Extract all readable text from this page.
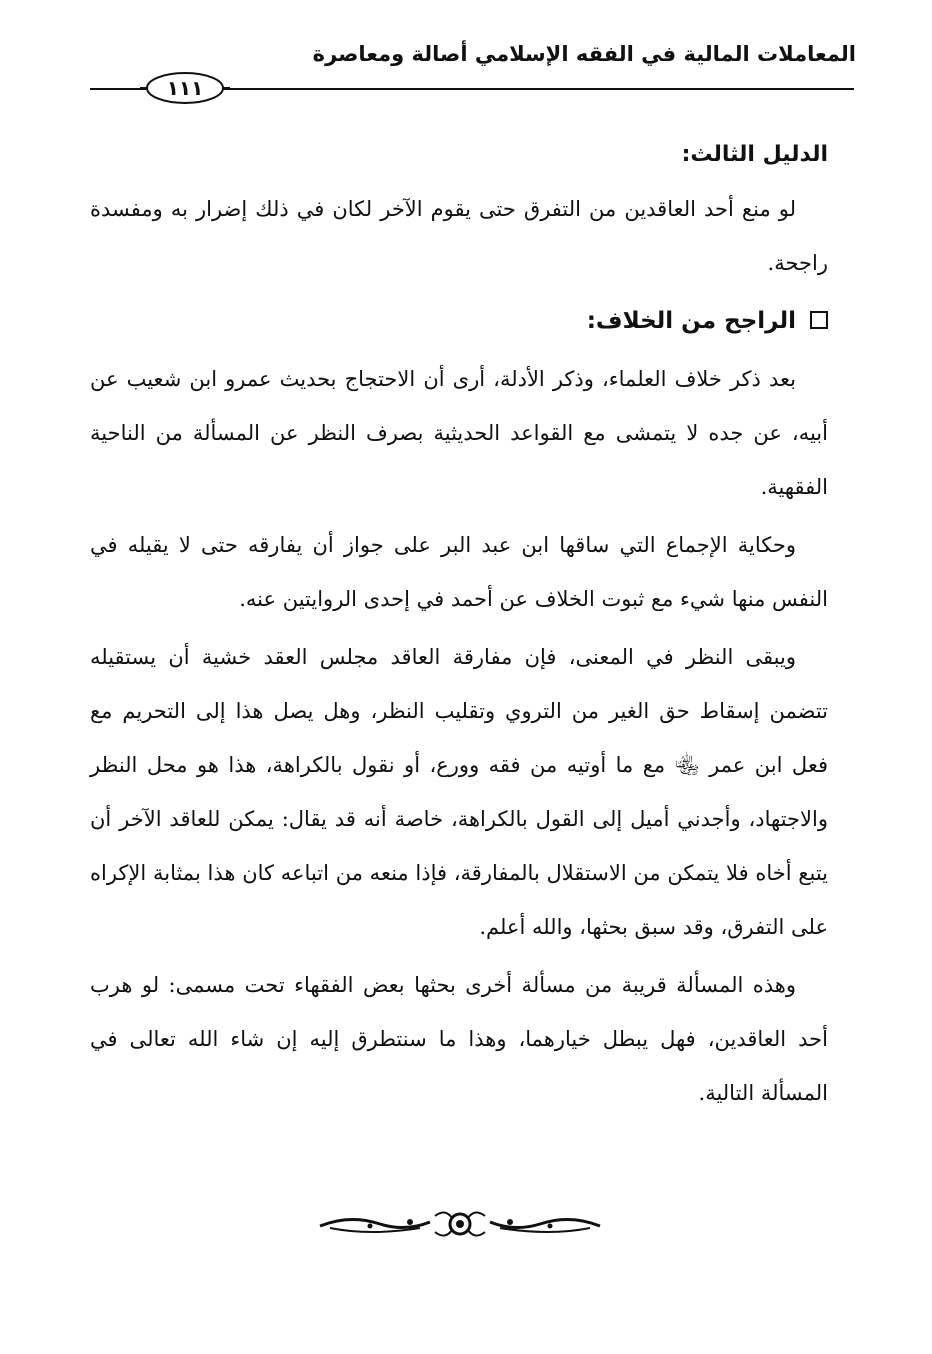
المعاملات المالية في الفقه الإسلامي أصالة ومعاصرة
١١١
الدليل الثالث:

لو منع أحد العاقدين من التفرق حتى يقوم الآخر لكان في ذلك إضرار به ومفسدة راجحة.

الراجح من الخلاف:

بعد ذكر خلاف العلماء، وذكر الأدلة، أرى أن الاحتجاج بحديث عمرو ابن شعيب عن أبيه، عن جده لا يتمشى مع القواعد الحديثية بصرف النظر عن المسألة من الناحية الفقهية.

وحكاية الإجماع التي ساقها ابن عبد البر على جواز أن يفارقه حتى لا يقيله في النفس منها شيء مع ثبوت الخلاف عن أحمد في إحدى الروايتين عنه.

ويبقى النظر في المعنى، فإن مفارقة العاقد مجلس العقد خشية أن يستقيله تتضمن إسقاط حق الغير من التروي وتقليب النظر، وهل يصل هذا إلى التحريم مع فعل ابن عمر ﵄ مع ما أوتيه من فقه وورع، أو نقول بالكراهة، هذا هو محل النظر والاجتهاد، وأجدني أميل إلى القول بالكراهة، خاصة أنه قد يقال: يمكن للعاقد الآخر أن يتبع أخاه فلا يتمكن من الاستقلال بالمفارقة، فإذا منعه من اتباعه كان هذا بمثابة الإكراه على التفرق، وقد سبق بحثها، والله أعلم.

وهذه المسألة قريبة من مسألة أخرى بحثها بعض الفقهاء تحت مسمى: لو هرب أحد العاقدين، فهل يبطل خيارهما، وهذا ما سنتطرق إليه إن شاء الله تعالى في المسألة التالية.
